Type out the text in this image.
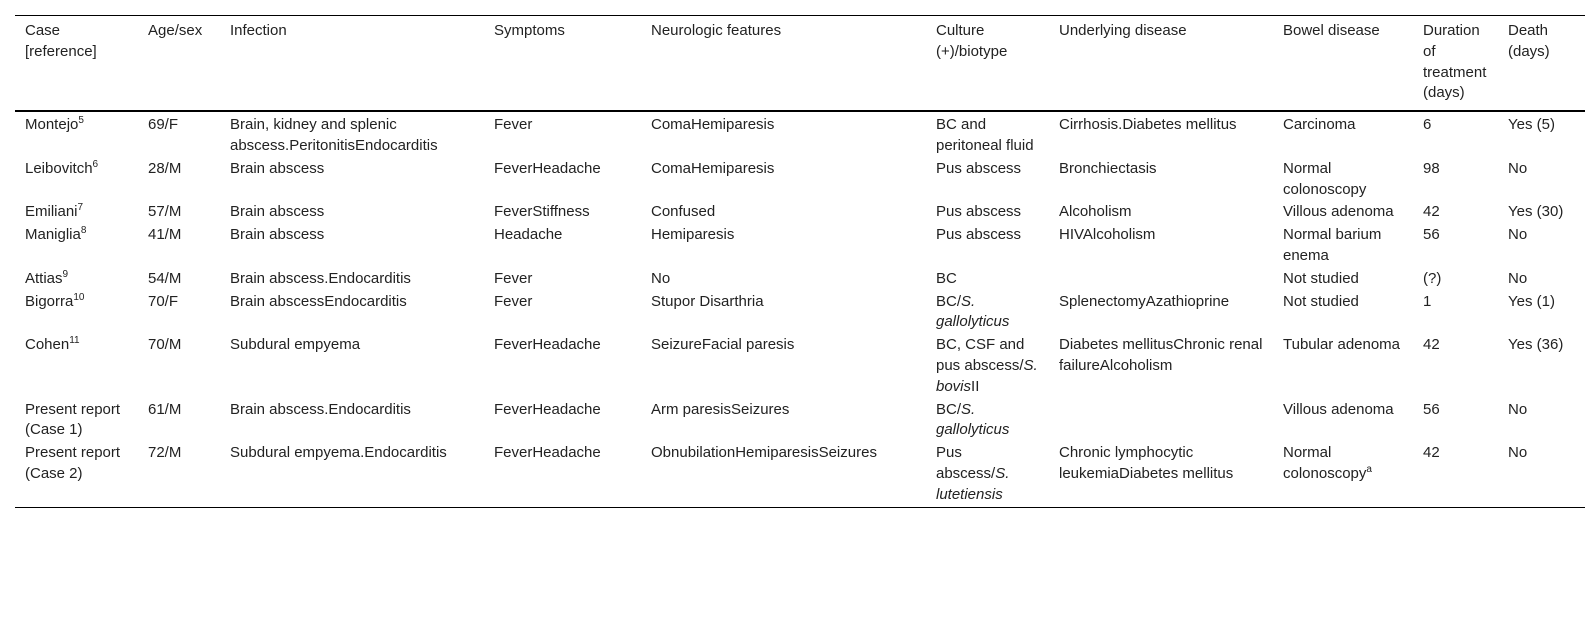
Case [reference]	Age/sex	Infection	Symptoms	Neurologic features	Culture (+)/biotype	Underlying disease	Bowel disease	Duration of treatment (days)	Death (days)
Montejo$^5$	69/F	Brain, kidney and splenic abscess.PeritonitisEndocarditis	Fever	ComaHemiparesis	BC and peritoneal fluid	Cirrhosis.Diabetes mellitus	Carcinoma	6	Yes (5)
Leibovitch$^6$	28/M	Brain abscess	FeverHeadache	ComaHemiparesis	Pus abscess	Bronchiectasis	Normal colonoscopy	98	No
Emiliani$^7$	57/M	Brain abscess	FeverStiffness	Confused	Pus abscess	Alcoholism	Villous adenoma	42	Yes (30)
Maniglia$^8$	41/M	Brain abscess	Headache	Hemiparesis	Pus abscess	HIVAlcoholism	Normal barium enema	56	No
Attias$^9$	54/M	Brain abscess.Endocarditis	Fever	No	BC		Not studied	(?)	No
Bigorra$^{10}$	70/F	Brain abscessEndocarditis	Fever	Stupor Disarthria	BC/S. gallolyticus	SplenectomyAzathioprine	Not studied	1	Yes (1)
Cohen$^{11}$	70/M	Subdural empyema	FeverHeadache	SeizureFacial paresis	BC, CSF and pus abscess/S. bovisII	Diabetes mellitusChronic renal failureAlcoholism	Tubular adenoma	42	Yes (36)
Present report (Case 1)	61/M	Brain abscess.Endocarditis	FeverHeadache	Arm paresisSeizures	BC/S. gallolyticus		Villous adenoma	56	No
Present report (Case 2)	72/M	Subdural empyema.Endocarditis	FeverHeadache	ObnubilationHemiparesisSeizures	Pus abscess/S. lutetiensis	Chronic lymphocytic leukemiaDiabetes mellitus	Normal colonoscopy$^a$	42	No
